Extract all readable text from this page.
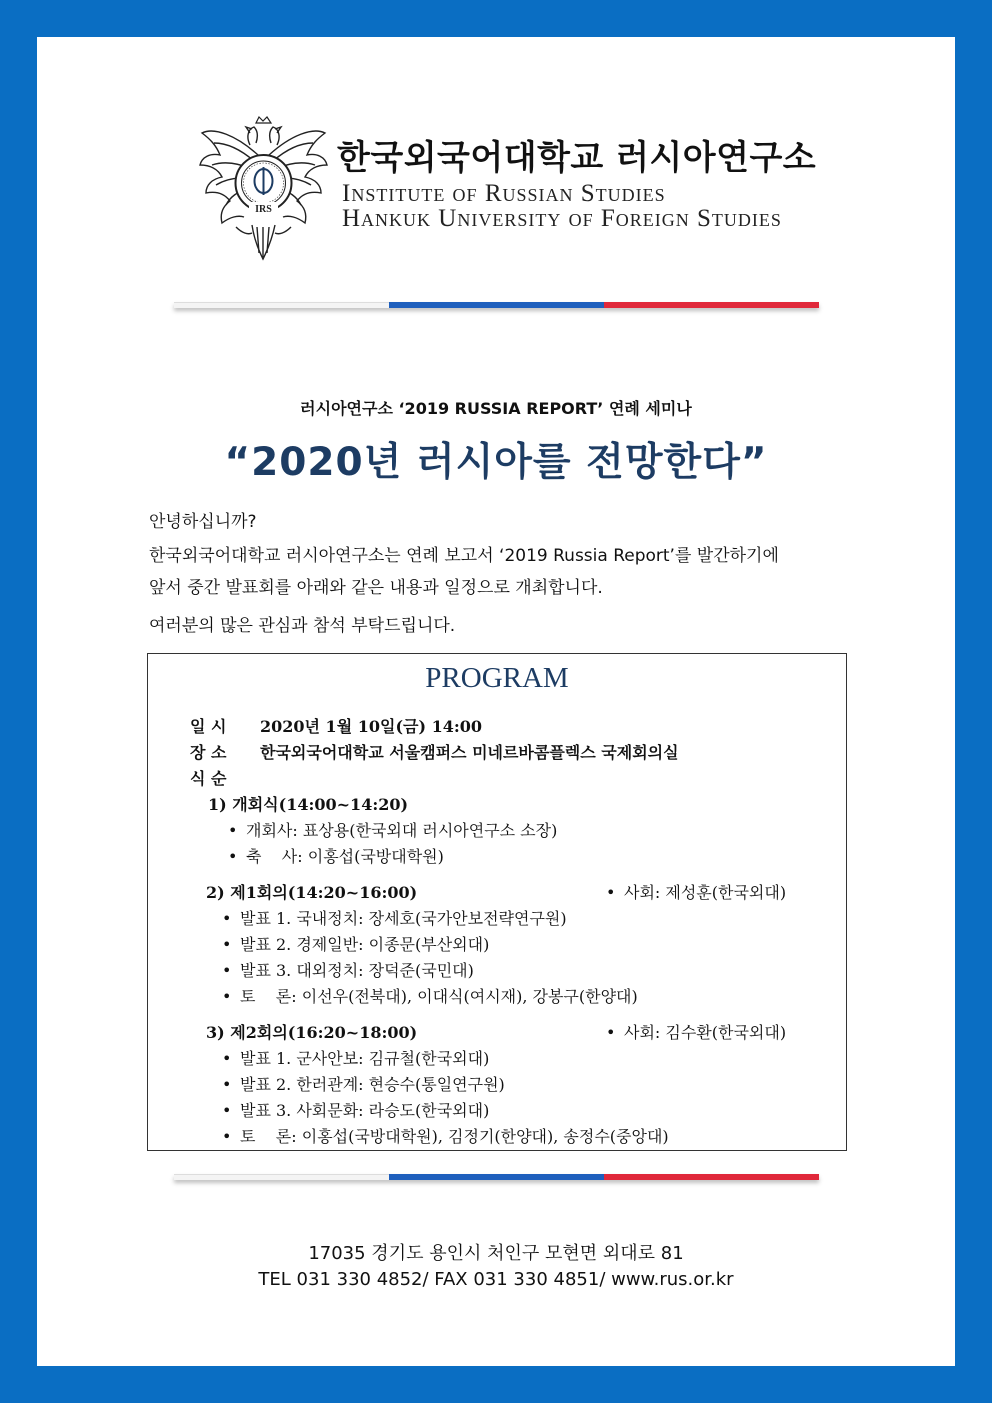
IRS
한국외국어대학교 러시아연구소
Institute of Russian Studies
Hankuk University of Foreign Studies
러시아연구소 ‘2019 RUSSIA REPORT’ 연례 세미나
“2020년 러시아를 전망한다”
안녕하십니까?
한국외국어대학교 러시아연구소는 연례 보고서 ‘2019 Russia Report’를 발간하기에
앞서 중간 발표회를 아래와 같은 내용과 일정으로 개최합니다.
여러분의 많은 관심과 참석 부탁드립니다.
PROGRAM
일 시 2020년 1월 10일(금) 14:00
장 소 한국외국어대학교 서울캠퍼스 미네르바콤플렉스 국제회의실
식 순
1) 개회식(14:00~14:20)
• 개회사: 표상용(한국외대 러시아연구소 소장)
• 축    사: 이홍섭(국방대학원)
2) 제1회의(14:20~16:00)	• 사회: 제성훈(한국외대)
• 발표 1. 국내정치: 장세호(국가안보전략연구원)
• 발표 2. 경제일반: 이종문(부산외대)
• 발표 3. 대외정치: 장덕준(국민대)
• 토    론: 이선우(전북대), 이대식(여시재), 강봉구(한양대)
3) 제2회의(16:20~18:00)	• 사회: 김수환(한국외대)
• 발표 1. 군사안보: 김규철(한국외대)
• 발표 2. 한러관계: 현승수(통일연구원)
• 발표 3. 사회문화: 라승도(한국외대)
• 토    론: 이홍섭(국방대학원), 김정기(한양대), 송정수(중앙대)
17035 경기도 용인시 처인구 모현면 외대로 81
TEL 031 330 4852/ FAX 031 330 4851/ www.rus.or.kr
